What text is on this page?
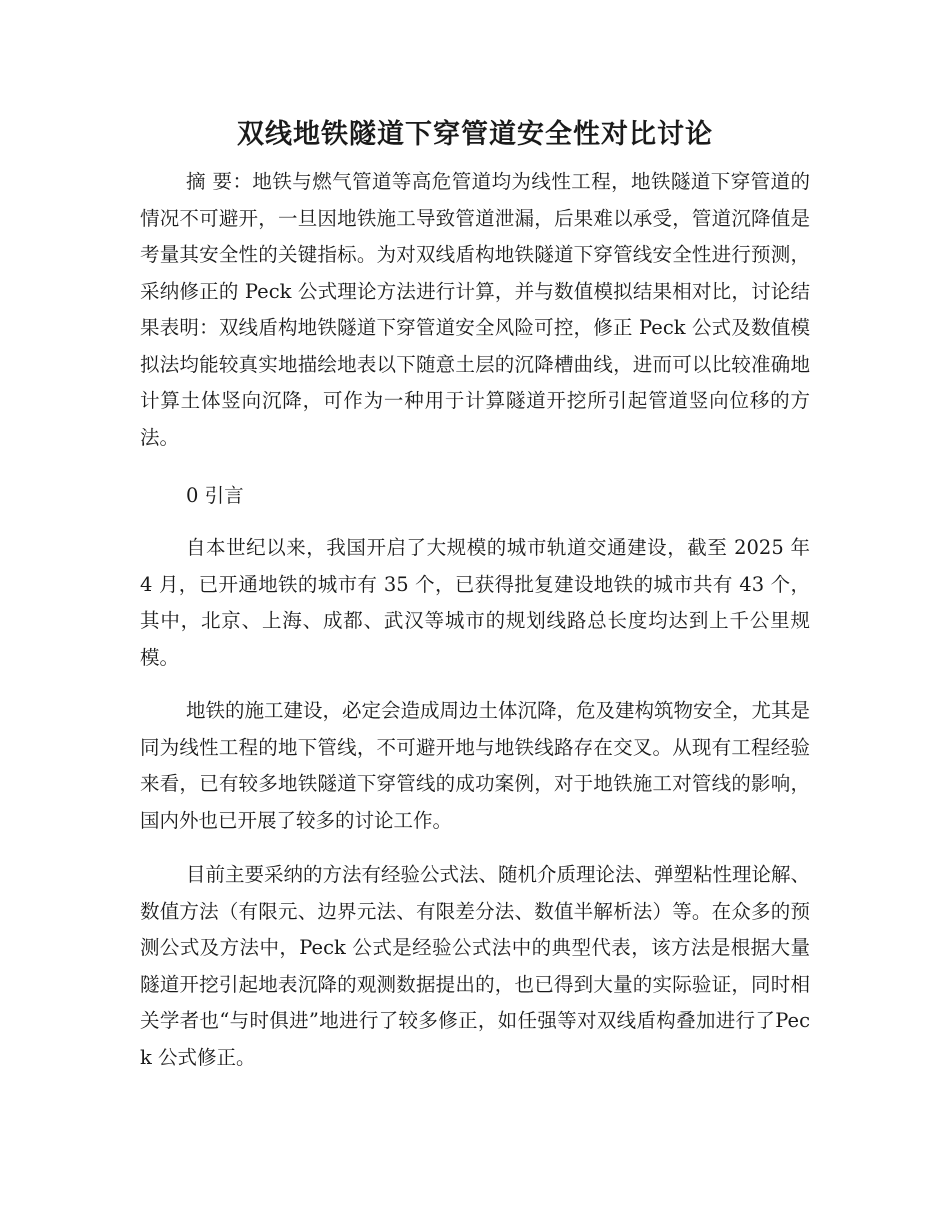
双线地铁隧道下穿管道安全性对比讨论

摘 要：地铁与燃气管道等高危管道均为线性工程，地铁隧道下穿管道的情况不可避开，一旦因地铁施工导致管道泄漏，后果难以承受，管道沉降值是考量其安全性的关键指标。为对双线盾构地铁隧道下穿管线安全性进行预测，采纳修正的 Peck 公式理论方法进行计算，并与数值模拟结果相对比，讨论结果表明：双线盾构地铁隧道下穿管道安全风险可控，修正 Peck 公式及数值模拟法均能较真实地描绘地表以下随意土层的沉降槽曲线，进而可以比较准确地计算土体竖向沉降，可作为一种用于计算隧道开挖所引起管道竖向位移的方法。

0 引言

自本世纪以来，我国开启了大规模的城市轨道交通建设，截至 2025 年 4 月，已开通地铁的城市有 35 个，已获得批复建设地铁的城市共有 43 个，其中，北京、上海、成都、武汉等城市的规划线路总长度均达到上千公里规模。

地铁的施工建设，必定会造成周边土体沉降，危及建构筑物安全，尤其是同为线性工程的地下管线，不可避开地与地铁线路存在交叉。从现有工程经验来看，已有较多地铁隧道下穿管线的成功案例，对于地铁施工对管线的影响，国内外也已开展了较多的讨论工作。

目前主要采纳的方法有经验公式法、随机介质理论法、弹塑粘性理论解、数值方法（有限元、边界元法、有限差分法、数值半解析法）等。在众多的预测公式及方法中，Peck 公式是经验公式法中的典型代表，该方法是根据大量隧道开挖引起地表沉降的观测数据提出的，也已得到大量的实际验证，同时相关学者也“与时俱进”地进行了较多修正，如任强等对双线盾构叠加进行了Peck 公式修正。
